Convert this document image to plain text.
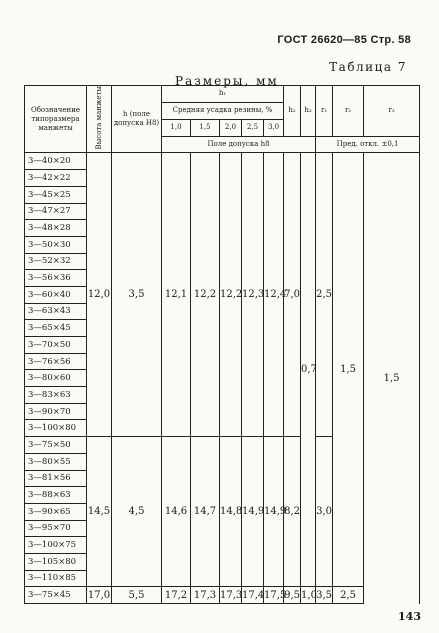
ГОСТ 26620—85 Стр. 58
Таблица 7
Размеры, мм
Обозначение типоразмера манжеты	Высота манжеты	h (поле допуска H8)	h₁					h₂	h₃	r₁	r₂	r₃
			Средняя усадка резины, %									
			1,0	1,5	2,0	2,5	3,0					
			Поле допуска h8							Пред. откл. ±0,1		
3—40×20	12,0	3,5	12,1	12,2	12,2	12,3	12,4	7,0	0,7	2,5	1,5	1,5
3—42×22												
3—45×25												
3—47×27												
3—48×28												
3—50×30												
3—52×32												
3—56×36												
3—60×40												
3—63×43												
3—65×45												
3—70×50												
3—76×56												
3—80×60												
3—83×63												
3—90×70												
3—100×80												
3—75×50	14,5	4,5	14,6	14,7	14,8	14,9	14,9	8,2		3,0		
3—80×55												
3—81×56												
3—88×63												
3—90×65												
3—95×70												
3—100×75												
3—105×80												
3—110×85												
3—75×45	17,0	5,5	17,2	17,3	17,3	17,4	17,5	9,5	1,0	3,5	2,5	
143
